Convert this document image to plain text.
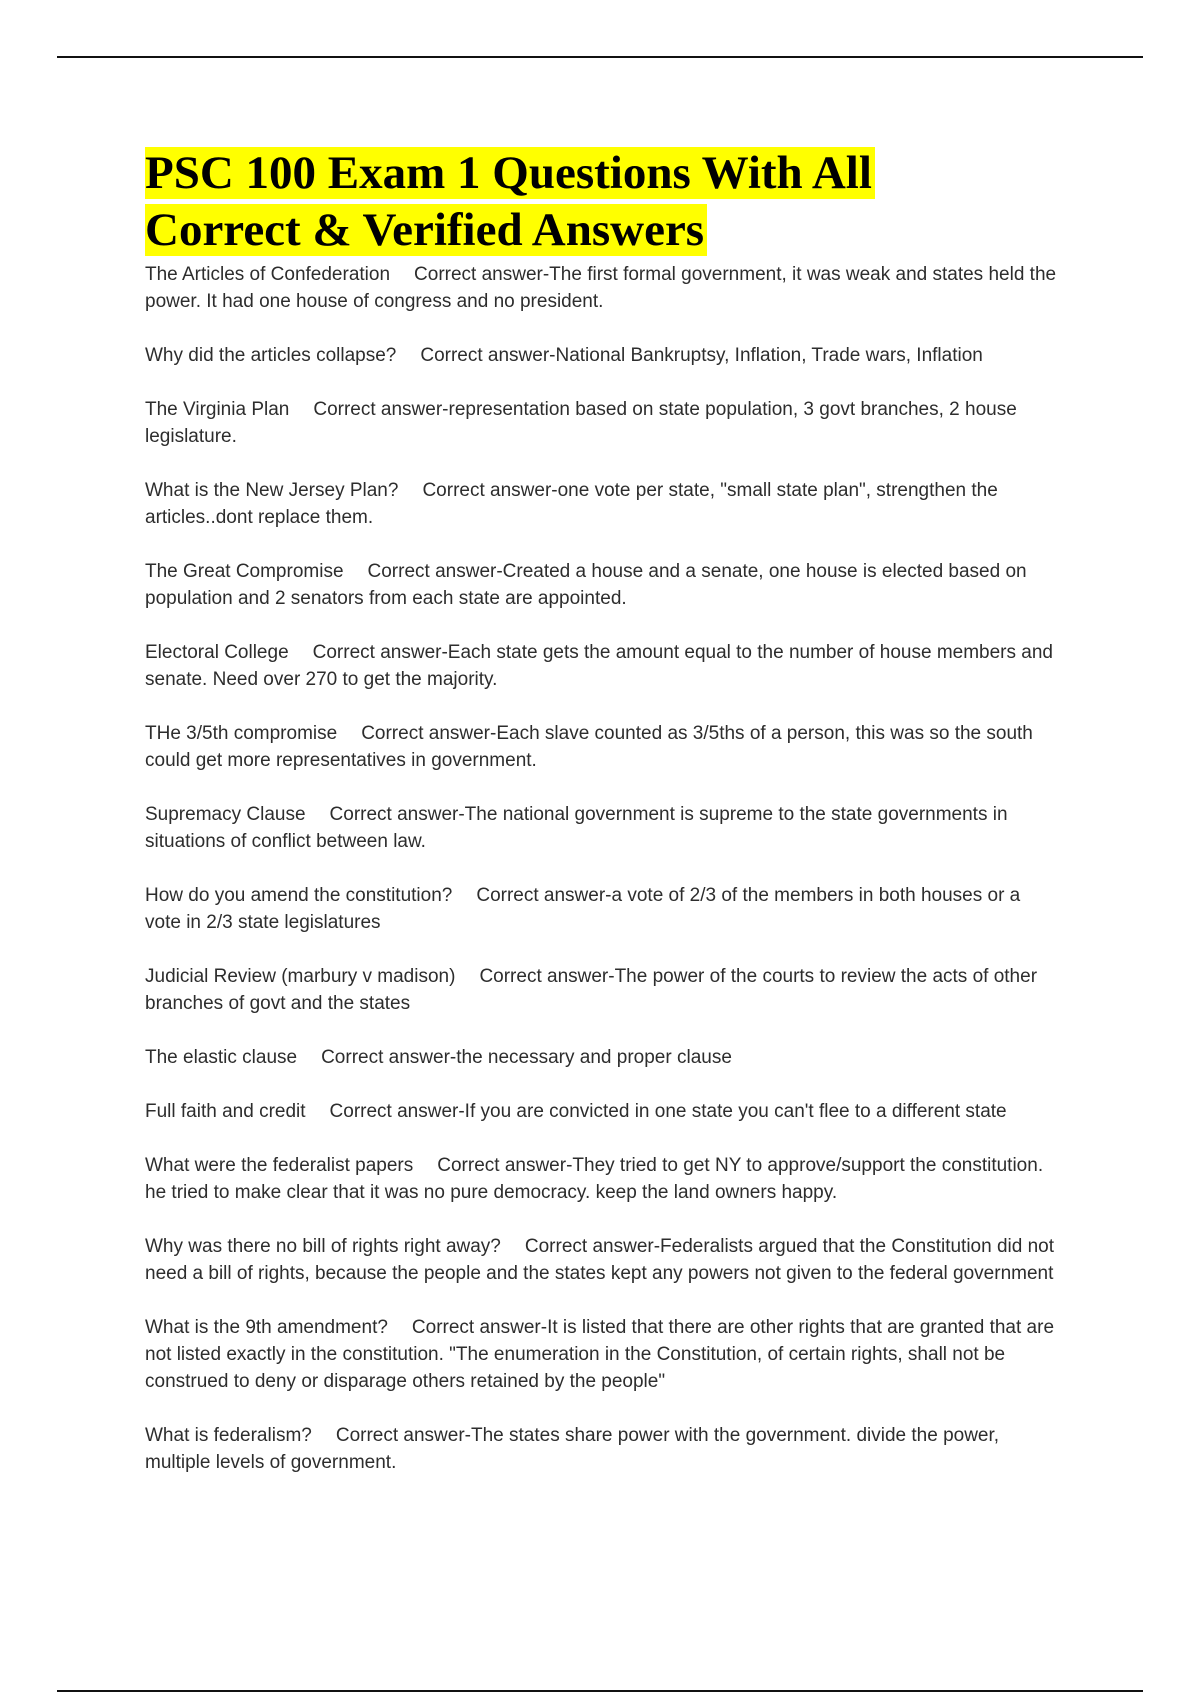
PSC 100 Exam 1 Questions With All
Correct & Verified Answers

The Articles of Confederation Correct answer-The first formal government, it was weak and states held the power. It had one house of congress and no president.

Why did the articles collapse? Correct answer-National Bankruptsy, Inflation, Trade wars, Inflation

The Virginia Plan Correct answer-representation based on state population, 3 govt branches, 2 house legislature.

What is the New Jersey Plan? Correct answer-one vote per state, "small state plan", strengthen the articles..dont replace them.

The Great Compromise Correct answer-Created a house and a senate, one house is elected based on population and 2 senators from each state are appointed.

Electoral College Correct answer-Each state gets the amount equal to the number of house members and senate. Need over 270 to get the majority.

THe 3/5th compromise Correct answer-Each slave counted as 3/5ths of a person, this was so the south could get more representatives in government.

Supremacy Clause Correct answer-The national government is supreme to the state governments in situations of conflict between law.

How do you amend the constitution? Correct answer-a vote of 2/3 of the members in both houses or a vote in 2/3 state legislatures

Judicial Review (marbury v madison) Correct answer-The power of the courts to review the acts of other branches of govt and the states

The elastic clause Correct answer-the necessary and proper clause

Full faith and credit Correct answer-If you are convicted in one state you can't flee to a different state

What were the federalist papers Correct answer-They tried to get NY to approve/support the constitution. he tried to make clear that it was no pure democracy. keep the land owners happy.

Why was there no bill of rights right away? Correct answer-Federalists argued that the Constitution did not need a bill of rights, because the people and the states kept any powers not given to the federal government

What is the 9th amendment? Correct answer-It is listed that there are other rights that are granted that are not listed exactly in the constitution. "The enumeration in the Constitution, of certain rights, shall not be construed to deny or disparage others retained by the people"

What is federalism? Correct answer-The states share power with the government. divide the power, multiple levels of government.
